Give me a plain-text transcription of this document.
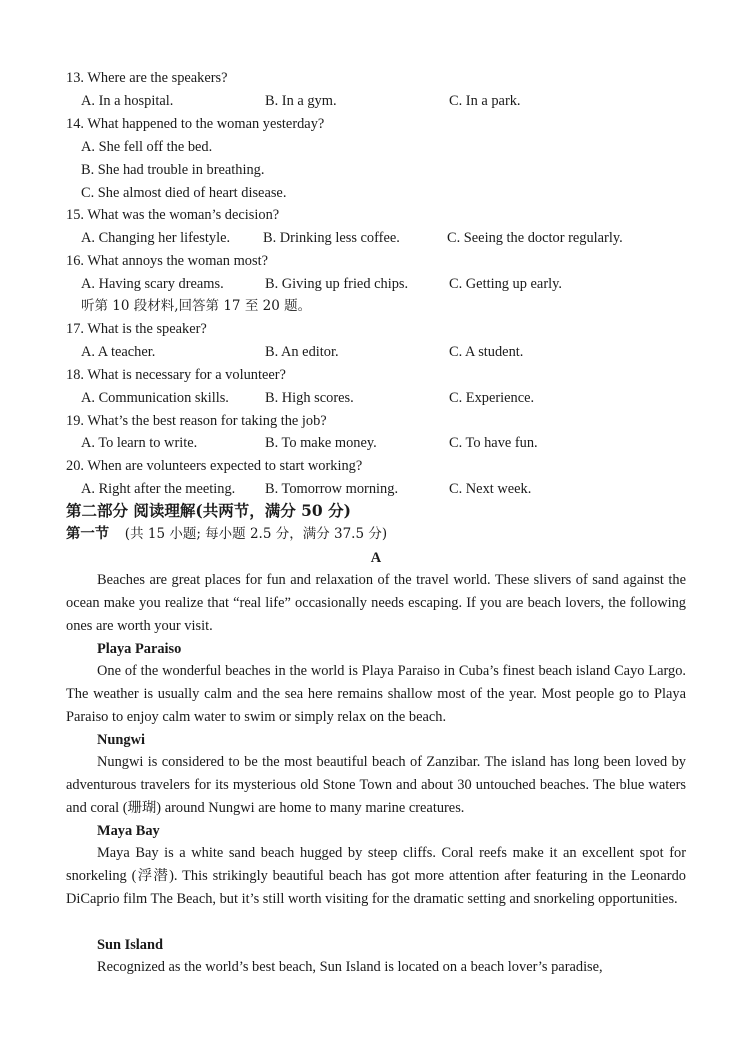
13. Where are the speakers?
A. In a hospital.	B. In a gym.	C. In a park.
14. What happened to the woman yesterday?
A. She fell off the bed.
B. She had trouble in breathing.
C. She almost died of heart disease.
15. What was the woman’s decision?
A. Changing her lifestyle. B. Drinking less coffee.	C. Seeing the doctor regularly.
16. What annoys the woman most?
A. Having scary dreams.	B. Giving up fried chips.	C. Getting up early.
听第 10 段材料,回答第 17 至 20 题。
17. What is the speaker?
A. A teacher.	B. An editor.	C. A student.
18. What is necessary for a volunteer?
A. Communication skills.	B. High scores.	C. Experience.
19. What’s the best reason for taking the job?
A. To learn to write.	B. To make money.	C. To have fun.
20. When are volunteers expected to start working?
A. Right after the meeting. B. Tomorrow morning.	C. Next week.
第二部分 阅读理解(共两节，满分 50 分)
第一节 (共 15 小题; 每小题 2.5 分，满分 37.5 分)
A
Beaches are great places for fun and relaxation of the travel world. These slivers of sand against the ocean make you realize that “real life” occasionally needs escaping. If you are beach lovers, the following ones are worth your visit.
Playa Paraiso
One of the wonderful beaches in the world is Playa Paraiso in Cuba’s finest beach island Cayo Largo. The weather is usually calm and the sea here remains shallow most of the year. Most people go to Playa Paraiso to enjoy calm water to swim or simply relax on the beach.
Nungwi
Nungwi is considered to be the most beautiful beach of Zanzibar. The island has long been loved by adventurous travelers for its mysterious old Stone Town and about 30 untouched beaches. The blue waters and coral (珊瑚) around Nungwi are home to many marine creatures.
Maya Bay
Maya Bay is a white sand beach hugged by steep cliffs. Coral reefs make it an excellent spot for snorkeling (浮潜). This strikingly beautiful beach has got more attention after featuring in the Leonardo DiCaprio film The Beach, but it’s still worth visiting for the dramatic setting and snorkeling opportunities.
Sun Island
Recognized as the world’s best beach, Sun Island is located on a beach lover’s paradise,
